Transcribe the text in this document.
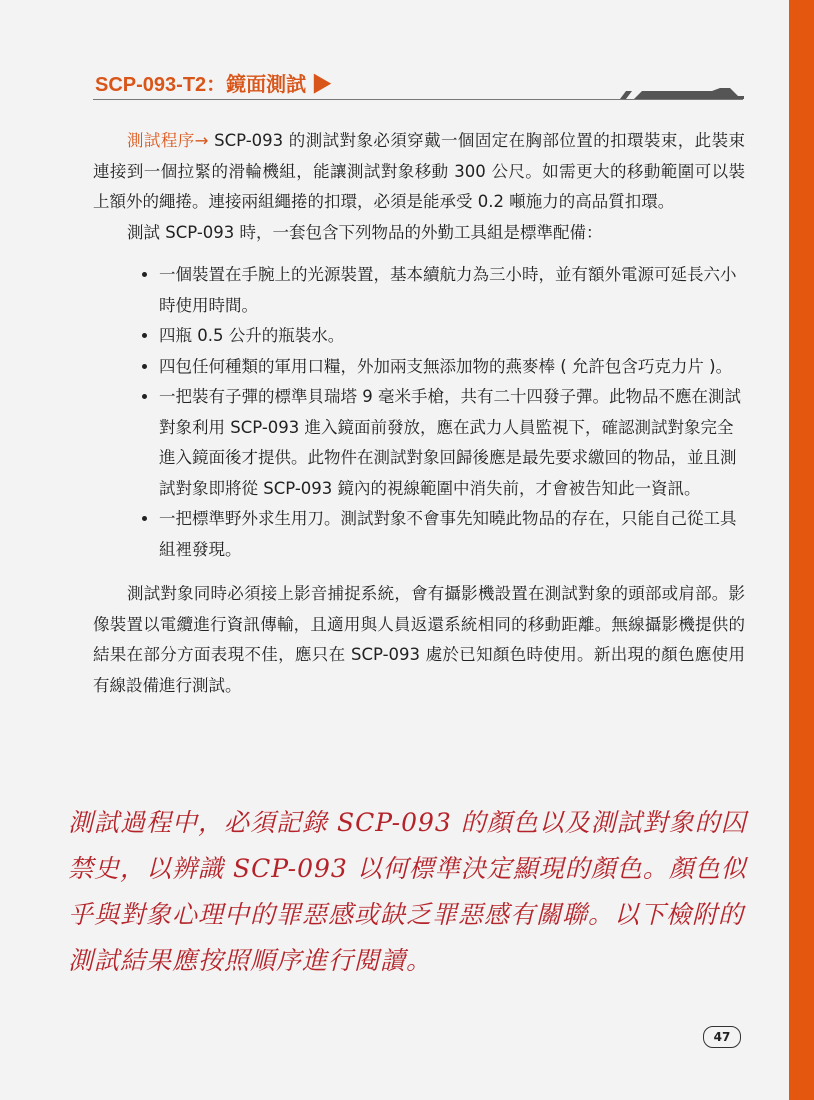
SCP-093-T2：鏡面測試 ▶

測試程序→ SCP-093 的測試對象必須穿戴一個固定在胸部位置的扣環裝束，此裝束連接到一個拉緊的滑輪機組，能讓測試對象移動 300 公尺。如需更大的移動範圍可以裝上額外的繩捲。連接兩組繩捲的扣環，必須是能承受 0.2 噸施力的高品質扣環。

測試 SCP-093 時，一套包含下列物品的外勤工具組是標準配備：

• 一個裝置在手腕上的光源裝置，基本續航力為三小時，並有額外電源可延長六小時使用時間。
• 四瓶 0.5 公升的瓶裝水。
• 四包任何種類的軍用口糧，外加兩支無添加物的燕麥棒 ( 允許包含巧克力片 )。
• 一把裝有子彈的標準貝瑞塔 9 毫米手槍，共有二十四發子彈。此物品不應在測試對象利用 SCP-093 進入鏡面前發放，應在武力人員監視下，確認測試對象完全進入鏡面後才提供。此物件在測試對象回歸後應是最先要求繳回的物品，並且測試對象即將從 SCP-093 鏡內的視線範圍中消失前，才會被告知此一資訊。
• 一把標準野外求生用刀。測試對象不會事先知曉此物品的存在，只能自己從工具組裡發現。

測試對象同時必須接上影音捕捉系統，會有攝影機設置在測試對象的頭部或肩部。影像裝置以電纜進行資訊傳輸，且適用與人員返還系統相同的移動距離。無線攝影機提供的結果在部分方面表現不佳，應只在 SCP-093 處於已知顏色時使用。新出現的顏色應使用有線設備進行測試。

測試過程中，必須記錄 SCP-093 的顏色以及測試對象的囚禁史，以辨識 SCP-093 以何標準決定顯現的顏色。顏色似乎與對象心理中的罪惡感或缺乏罪惡感有關聯。以下檢附的測試結果應按照順序進行閱讀。
47
